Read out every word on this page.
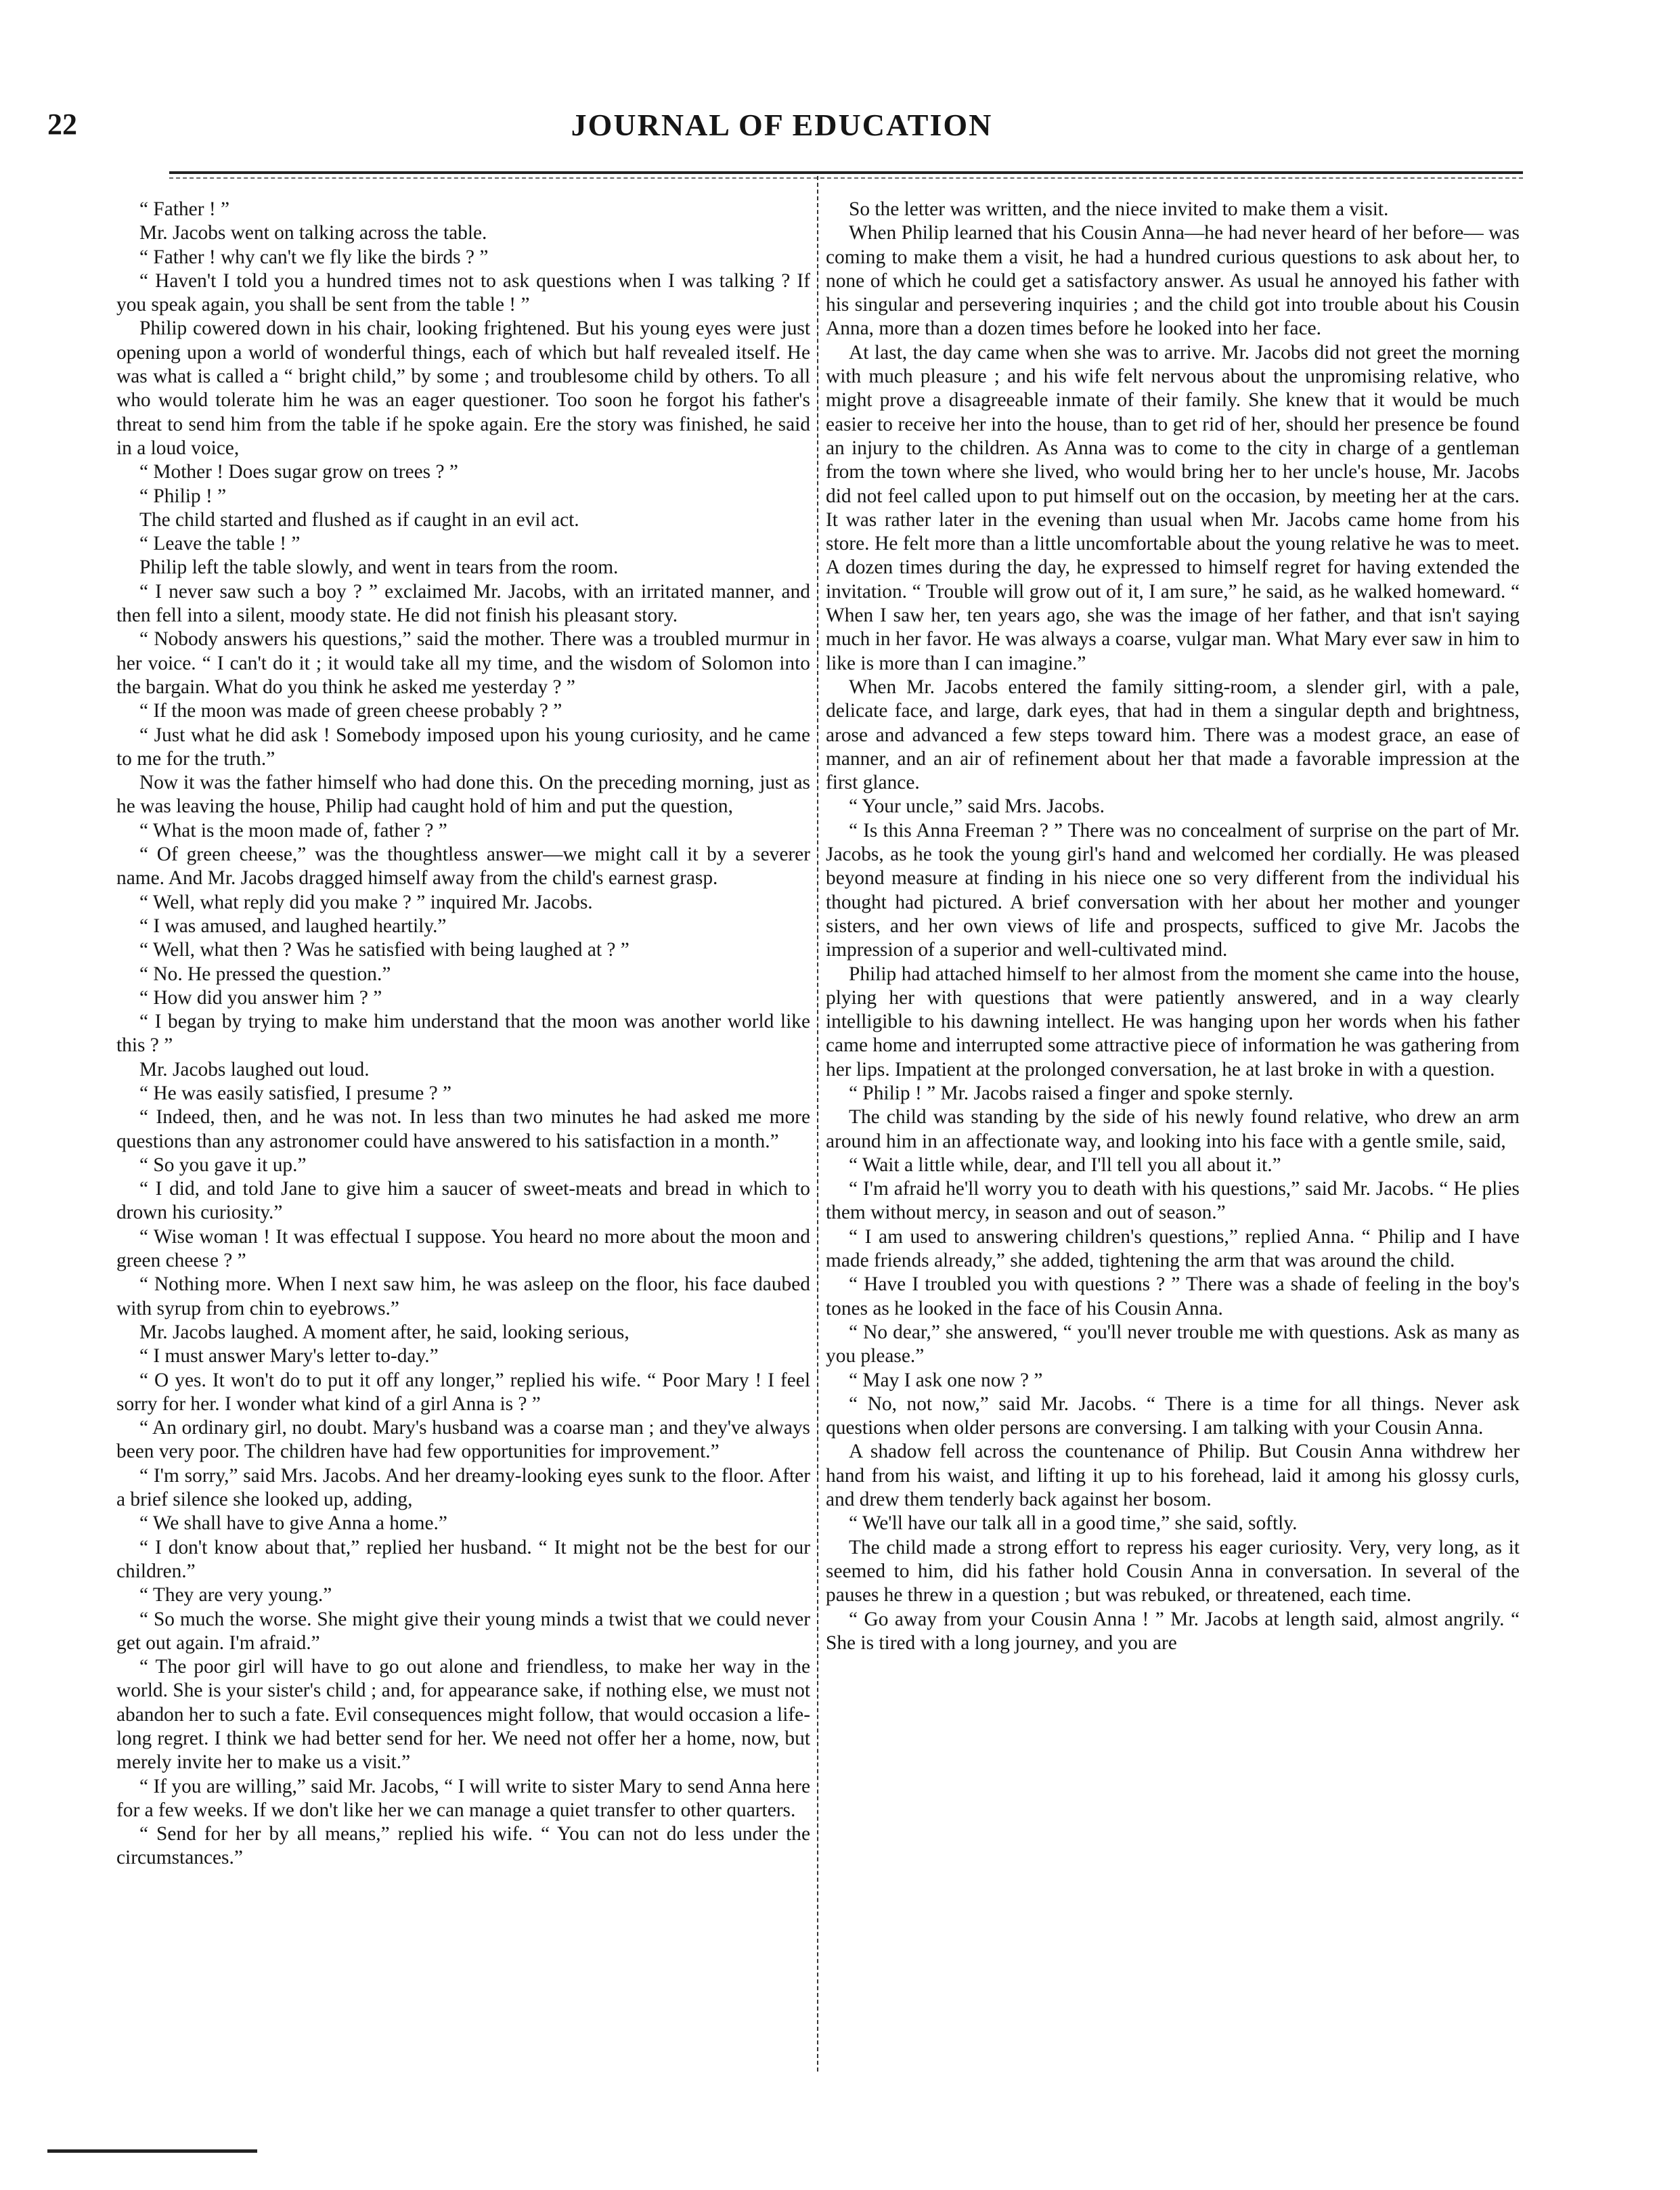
22	JOURNAL OF EDUCATION

“ Father ! ”

Mr. Jacobs went on talking across the table.

“ Father ! why can't we fly like the birds ? ”

“ Haven't I told you a hundred times not to ask questions when I was talking ? If you speak again, you shall be sent from the table ! ”

Philip cowered down in his chair, looking frightened. But his young eyes were just opening upon a world of wonderful things, each of which but half revealed itself. He was what is called a “ bright child,” by some ; and troublesome child by others. To all who would tolerate him he was an eager questioner. Too soon he forgot his father's threat to send him from the table if he spoke again. Ere the story was finished, he said in a loud voice,

“ Mother ! Does sugar grow on trees ? ”

“ Philip ! ”

The child started and flushed as if caught in an evil act.

“ Leave the table ! ”

Philip left the table slowly, and went in tears from the room.

“ I never saw such a boy ? ” exclaimed Mr. Jacobs, with an irritated manner, and then fell into a silent, moody state. He did not finish his pleasant story.

“ Nobody answers his questions,” said the mother. There was a troubled murmur in her voice. “ I can't do it ; it would take all my time, and the wisdom of Solomon into the bargain. What do you think he asked me yesterday ? ”

“ If the moon was made of green cheese probably ? ”

“ Just what he did ask ! Somebody imposed upon his young curiosity, and he came to me for the truth.”

Now it was the father himself who had done this. On the preceding morning, just as he was leaving the house, Philip had caught hold of him and put the question,

“ What is the moon made of, father ? ”

“ Of green cheese,” was the thoughtless answer—we might call it by a severer name. And Mr. Jacobs dragged himself away from the child's earnest grasp.

“ Well, what reply did you make ? ” inquired Mr. Jacobs.

“ I was amused, and laughed heartily.”

“ Well, what then ? Was he satisfied with being laughed at ? ”

“ No. He pressed the question.”

“ How did you answer him ? ”

“ I began by trying to make him understand that the moon was another world like this ? ”

Mr. Jacobs laughed out loud.

“ He was easily satisfied, I presume ? ”

“ Indeed, then, and he was not. In less than two minutes he had asked me more questions than any astronomer could have answered to his satisfaction in a month.”

“ So you gave it up.”

“ I did, and told Jane to give him a saucer of sweet-meats and bread in which to drown his curiosity.”

“ Wise woman ! It was effectual I suppose. You heard no more about the moon and green cheese ? ”

“ Nothing more. When I next saw him, he was asleep on the floor, his face daubed with syrup from chin to eyebrows.”

Mr. Jacobs laughed. A moment after, he said, looking serious,

“ I must answer Mary's letter to-day.”

“ O yes. It won't do to put it off any longer,” replied his wife. “ Poor Mary ! I feel sorry for her. I wonder what kind of a girl Anna is ? ”

“ An ordinary girl, no doubt. Mary's husband was a coarse man ; and they've always been very poor. The children have had few opportunities for improvement.”

“ I'm sorry,” said Mrs. Jacobs. And her dreamy-looking eyes sunk to the floor. After a brief silence she looked up, adding,

“ We shall have to give Anna a home.”

“ I don't know about that,” replied her husband. “ It might not be the best for our children.”

“ They are very young.”

“ So much the worse. She might give their young minds a twist that we could never get out again. I'm afraid.”

“ The poor girl will have to go out alone and friendless, to make her way in the world. She is your sister's child ; and, for appearance sake, if nothing else, we must not abandon her to such a fate. Evil consequences might follow, that would occasion a life-long regret. I think we had better send for her. We need not offer her a home, now, but merely invite her to make us a visit.”

“ If you are willing,” said Mr. Jacobs, “ I will write to sister Mary to send Anna here for a few weeks. If we don't like her we can manage a quiet transfer to other quarters.

“ Send for her by all means,” replied his wife. “ You can not do less under the circumstances.”

So the letter was written, and the niece invited to make them a visit.

When Philip learned that his Cousin Anna—he had never heard of her before— was coming to make them a visit, he had a hundred curious questions to ask about her, to none of which he could get a satisfactory answer. As usual he annoyed his father with his singular and persevering inquiries ; and the child got into trouble about his Cousin Anna, more than a dozen times before he looked into her face.

At last, the day came when she was to arrive. Mr. Jacobs did not greet the morning with much pleasure ; and his wife felt nervous about the unpromising relative, who might prove a disagreeable inmate of their family. She knew that it would be much easier to receive her into the house, than to get rid of her, should her presence be found an injury to the children. As Anna was to come to the city in charge of a gentleman from the town where she lived, who would bring her to her uncle's house, Mr. Jacobs did not feel called upon to put himself out on the occasion, by meeting her at the cars. It was rather later in the evening than usual when Mr. Jacobs came home from his store. He felt more than a little uncomfortable about the young relative he was to meet. A dozen times during the day, he expressed to himself regret for having extended the invitation. “ Trouble will grow out of it, I am sure,” he said, as he walked homeward. “ When I saw her, ten years ago, she was the image of her father, and that isn't saying much in her favor. He was always a coarse, vulgar man. What Mary ever saw in him to like is more than I can imagine.”

When Mr. Jacobs entered the family sitting-room, a slender girl, with a pale, delicate face, and large, dark eyes, that had in them a singular depth and brightness, arose and advanced a few steps toward him. There was a modest grace, an ease of manner, and an air of refinement about her that made a favorable impression at the first glance.

“ Your uncle,” said Mrs. Jacobs.

“ Is this Anna Freeman ? ” There was no concealment of surprise on the part of Mr. Jacobs, as he took the young girl's hand and welcomed her cordially. He was pleased beyond measure at finding in his niece one so very different from the individual his thought had pictured. A brief conversation with her about her mother and younger sisters, and her own views of life and prospects, sufficed to give Mr. Jacobs the impression of a superior and well-cultivated mind.

Philip had attached himself to her almost from the moment she came into the house, plying her with questions that were patiently answered, and in a way clearly intelligible to his dawning intellect. He was hanging upon her words when his father came home and interrupted some attractive piece of information he was gathering from her lips. Impatient at the prolonged conversation, he at last broke in with a question.

“ Philip ! ” Mr. Jacobs raised a finger and spoke sternly.

The child was standing by the side of his newly found relative, who drew an arm around him in an affectionate way, and looking into his face with a gentle smile, said,

“ Wait a little while, dear, and I'll tell you all about it.”

“ I'm afraid he'll worry you to death with his questions,” said Mr. Jacobs. “ He plies them without mercy, in season and out of season.”

“ I am used to answering children's questions,” replied Anna. “ Philip and I have made friends already,” she added, tightening the arm that was around the child.

“ Have I troubled you with questions ? ” There was a shade of feeling in the boy's tones as he looked in the face of his Cousin Anna.

“ No dear,” she answered, “ you'll never trouble me with questions. Ask as many as you please.”

“ May I ask one now ? ”

“ No, not now,” said Mr. Jacobs. “ There is a time for all things. Never ask questions when older persons are conversing. I am talking with your Cousin Anna.

A shadow fell across the countenance of Philip. But Cousin Anna withdrew her hand from his waist, and lifting it up to his forehead, laid it among his glossy curls, and drew them tenderly back against her bosom.

“ We'll have our talk all in a good time,” she said, softly.

The child made a strong effort to repress his eager curiosity. Very, very long, as it seemed to him, did his father hold Cousin Anna in conversation. In several of the pauses he threw in a question ; but was rebuked, or threatened, each time.

“ Go away from your Cousin Anna ! ” Mr. Jacobs at length said, almost angrily. “ She is tired with a long journey, and you are
